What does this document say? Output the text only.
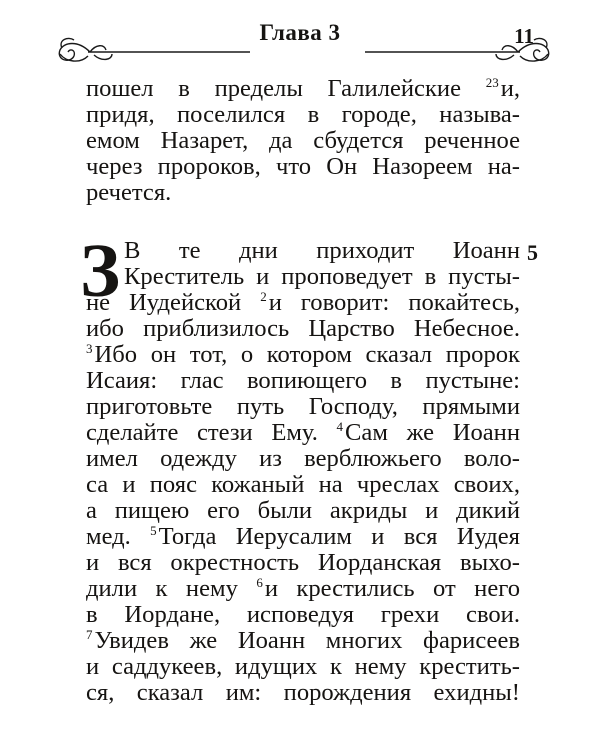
Глава 3	11
пошел в пределы Галилейские $^{23}$и,
придя, поселился в городе, называ-
емом Назарет, да сбудется реченное
через пророков, что Он Назореем на-
речется.
З	5
В те дни приходит Иоанн
Креститель и проповедует в пусты-
не Иудейской $^2$и говорит: покайтесь,
ибо приблизилось Царство Небесное.
$^3$Ибо он тот, о котором сказал пророк
Исаия: глас вопиющего в пустыне:
приготовьте путь Господу, прямыми
сделайте стези Ему. $^4$Сам же Иоанн
имел одежду из верблюжьего воло-
са и пояс кожаный на чреслах своих,
а пищею его были акриды и дикий
мед. $^5$Тогда Иерусалим и вся Иудея
и вся окрестность Иорданская выхо-
дили к нему $^6$и крестились от него
в Иордане, исповедуя грехи свои.
$^7$Увидев же Иоанн многих фарисеев
и саддукеев, идущих к нему крестить-
ся, сказал им: порождения ехидны!
